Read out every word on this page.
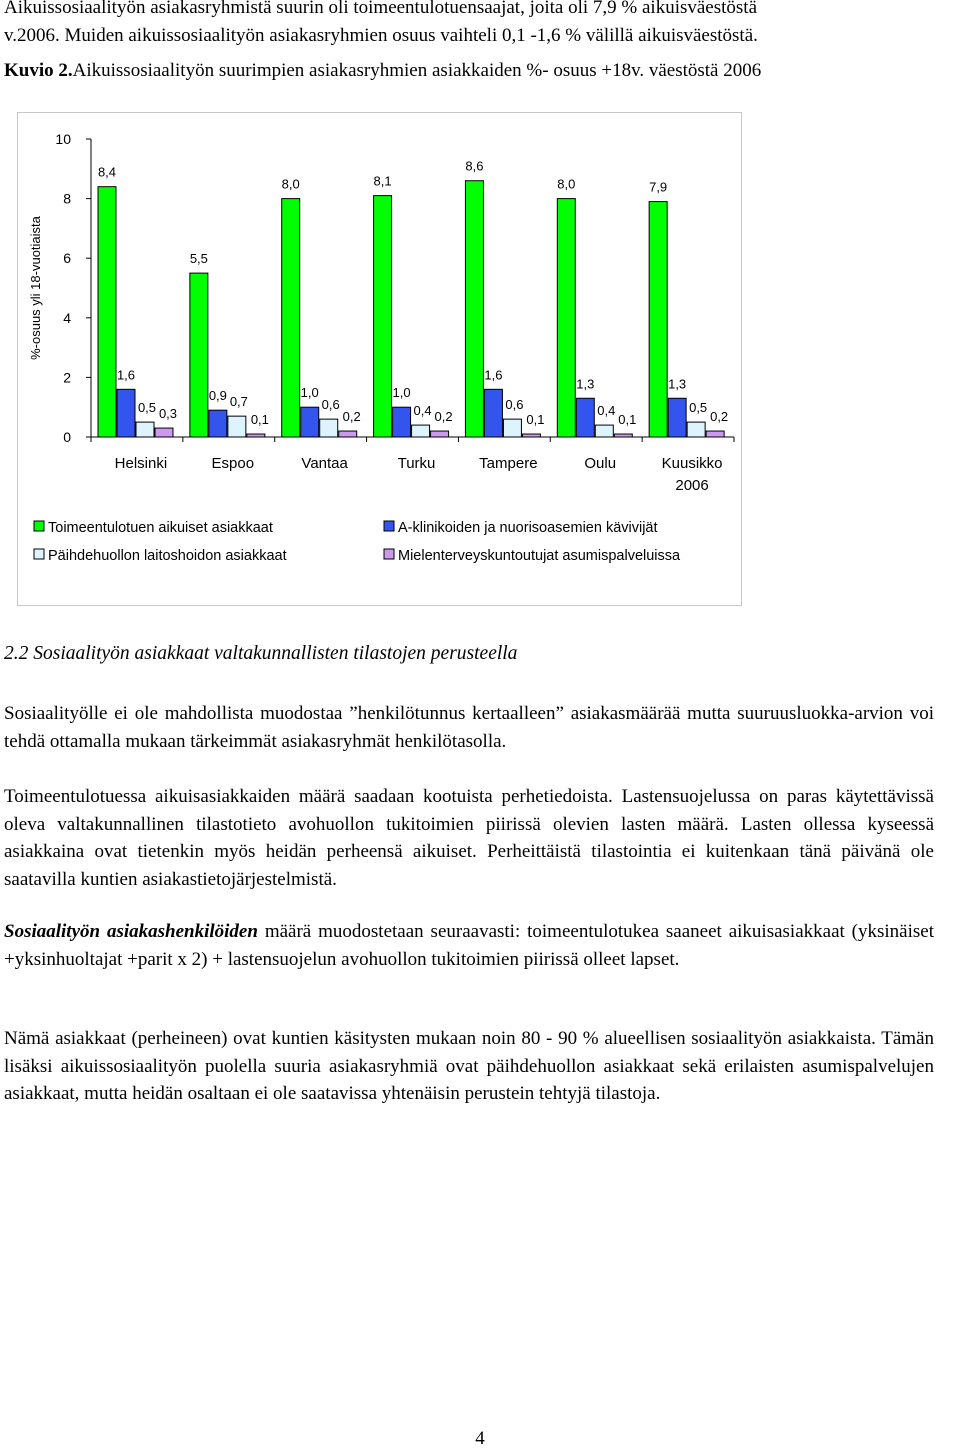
Aikuissosiaalityön asiakasryhmistä suurin oli toimeentulotuensaajat, joita oli 7,9 % aikuisväestöstä
v.2006. Muiden aikuissosiaalityön asiakasryhmien osuus vaihteli 0,1 -1,6 % välillä aikuisväestöstä.

Kuvio 2.Aikuissosiaalityön suurimpien asiakasryhmien asiakkaiden %- osuus +18v. väestöstä 2006

0
2
4
6
8
10
%-osuus yli 18-vuotiaista
8,4
1,6
0,5 0,3
Helsinki
5,5
0,9 0,7
0,1
Espoo
8,0
1,0
0,6
0,2
Vantaa
8,1
1,0
0,4 0,2
Turku
8,6
1,6
0,6
0,1
Tampere
8,0
1,3
0,4
0,1
Oulu
7,9
1,3
0,5
0,2
Kuusikko
2006
Toimeentulotuen aikuiset asiakkaat	A-klinikoiden ja nuorisoasemien kävivijät
Päihdehuollon laitoshoidon asiakkaat	Mielenterveyskuntoutujat asumispalveluissa

2.2 Sosiaalityön asiakkaat valtakunnallisten tilastojen perusteella

Sosiaalityölle ei ole mahdollista muodostaa ”henkilötunnus kertaalleen” asiakasmäärää mutta suuruusluokka-arvion voi tehdä ottamalla mukaan tärkeimmät asiakasryhmät henkilötasolla.

Toimeentulotuessa aikuisasiakkaiden määrä saadaan kootuista perhetiedoista. Lastensuojelussa on paras käytettävissä oleva valtakunnallinen tilastotieto avohuollon tukitoimien piirissä olevien lasten määrä. Lasten ollessa kyseessä asiakkaina ovat tietenkin myös heidän perheensä aikuiset. Perheittäistä tilastointia ei kuitenkaan tänä päivänä ole saatavilla kuntien asiakastietojärjestelmistä.

Sosiaalityön asiakashenkilöiden määrä muodostetaan seuraavasti: toimeentulotukea saaneet aikuisasiakkaat (yksinäiset +yksinhuoltajat +parit x 2) + lastensuojelun avohuollon tukitoimien piirissä olleet lapset.

Nämä asiakkaat (perheineen) ovat kuntien käsitysten mukaan noin 80 - 90 % alueellisen sosiaalityön asiakkaista. Tämän lisäksi aikuissosiaalityön puolella suuria asiakasryhmiä ovat päihdehuollon asiakkaat sekä erilaisten asumispalvelujen asiakkaat, mutta heidän osaltaan ei ole saatavissa yhtenäisin perustein tehtyjä tilastoja.

4
